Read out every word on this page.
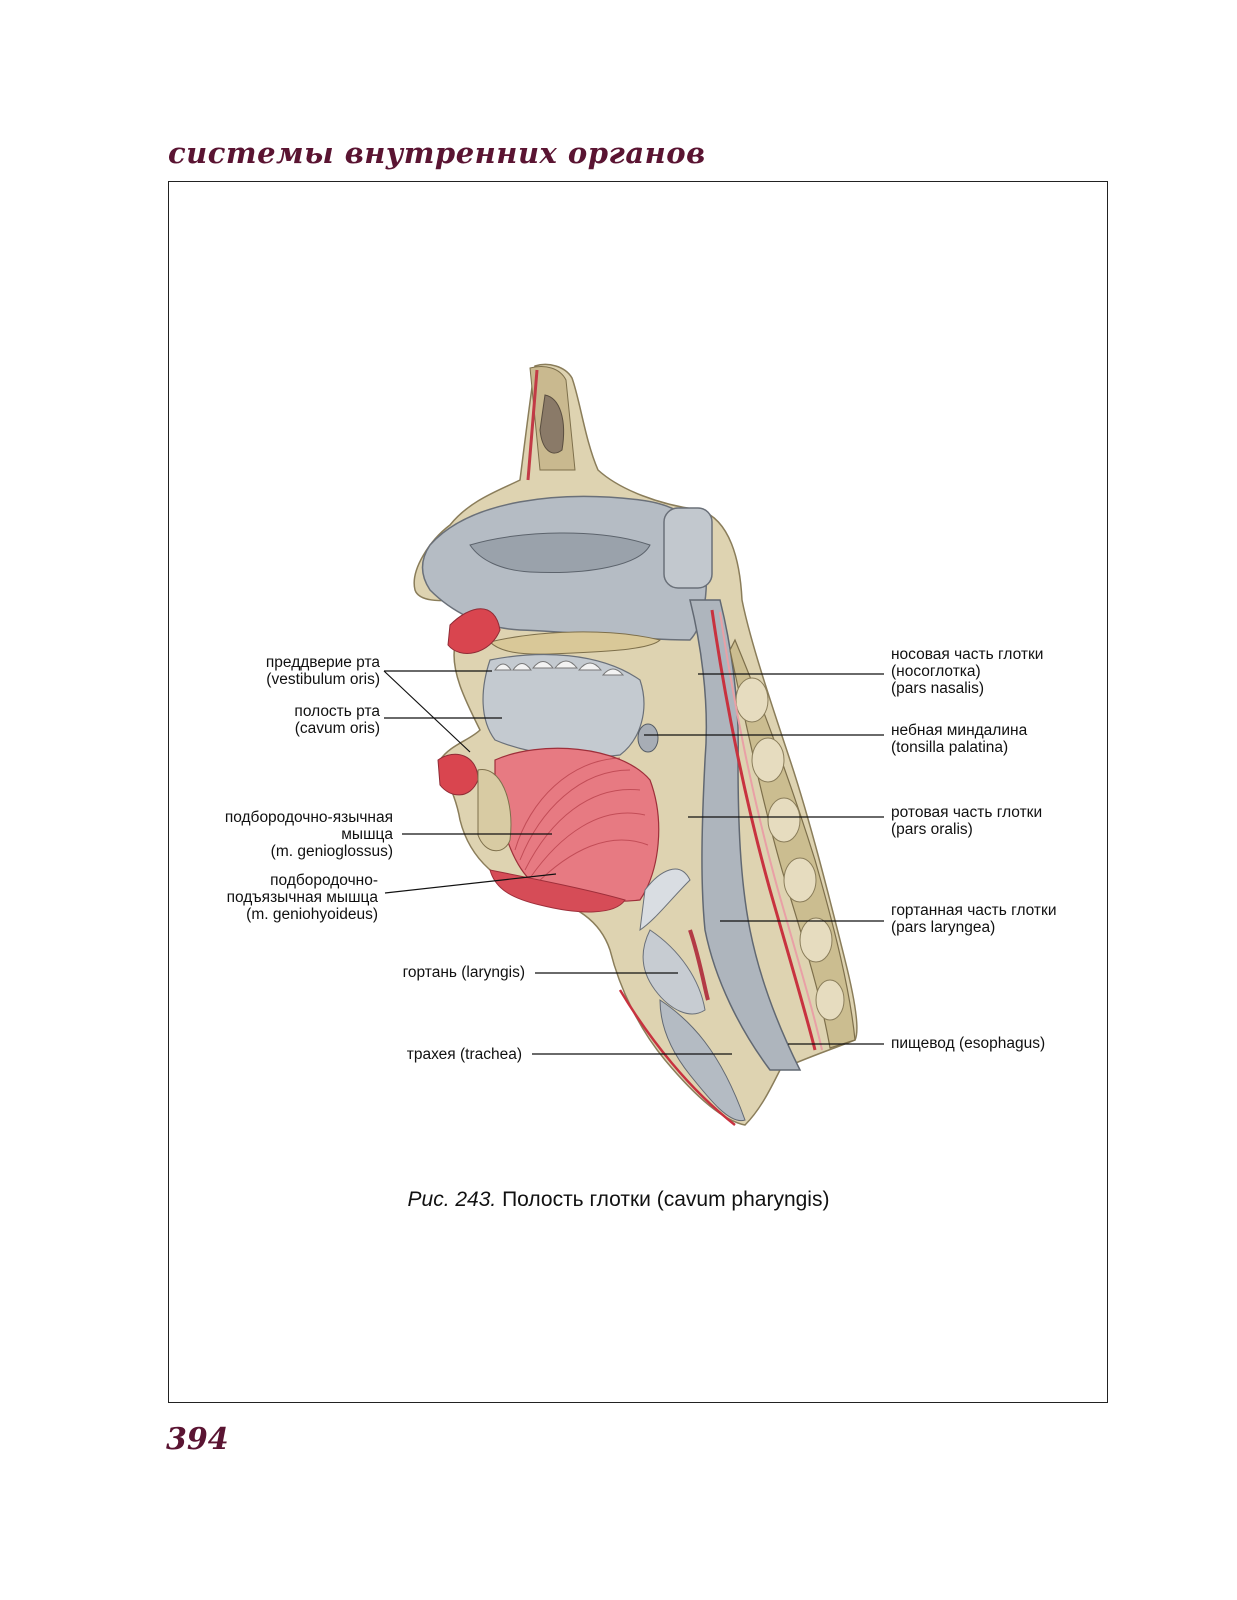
системы внутренних органов
преддверие рта
(vestibulum oris)
полость рта
(cavum oris)
подбородочно-язычная
мышца
(m. genioglossus)
подбородочно-
подъязычная мышца
(m. geniohyoideus)
гортань (laryngis)
трахея (trachea)
носовая часть глотки
(носоглотка)
(pars nasalis)
небная миндалина
(tonsilla palatina)
ротовая часть глотки
(pars oralis)
гортанная часть глотки
(pars laryngea)
пищевод (esophagus)
Рис. 243. Полость глотки (cavum pharyngis)
394
